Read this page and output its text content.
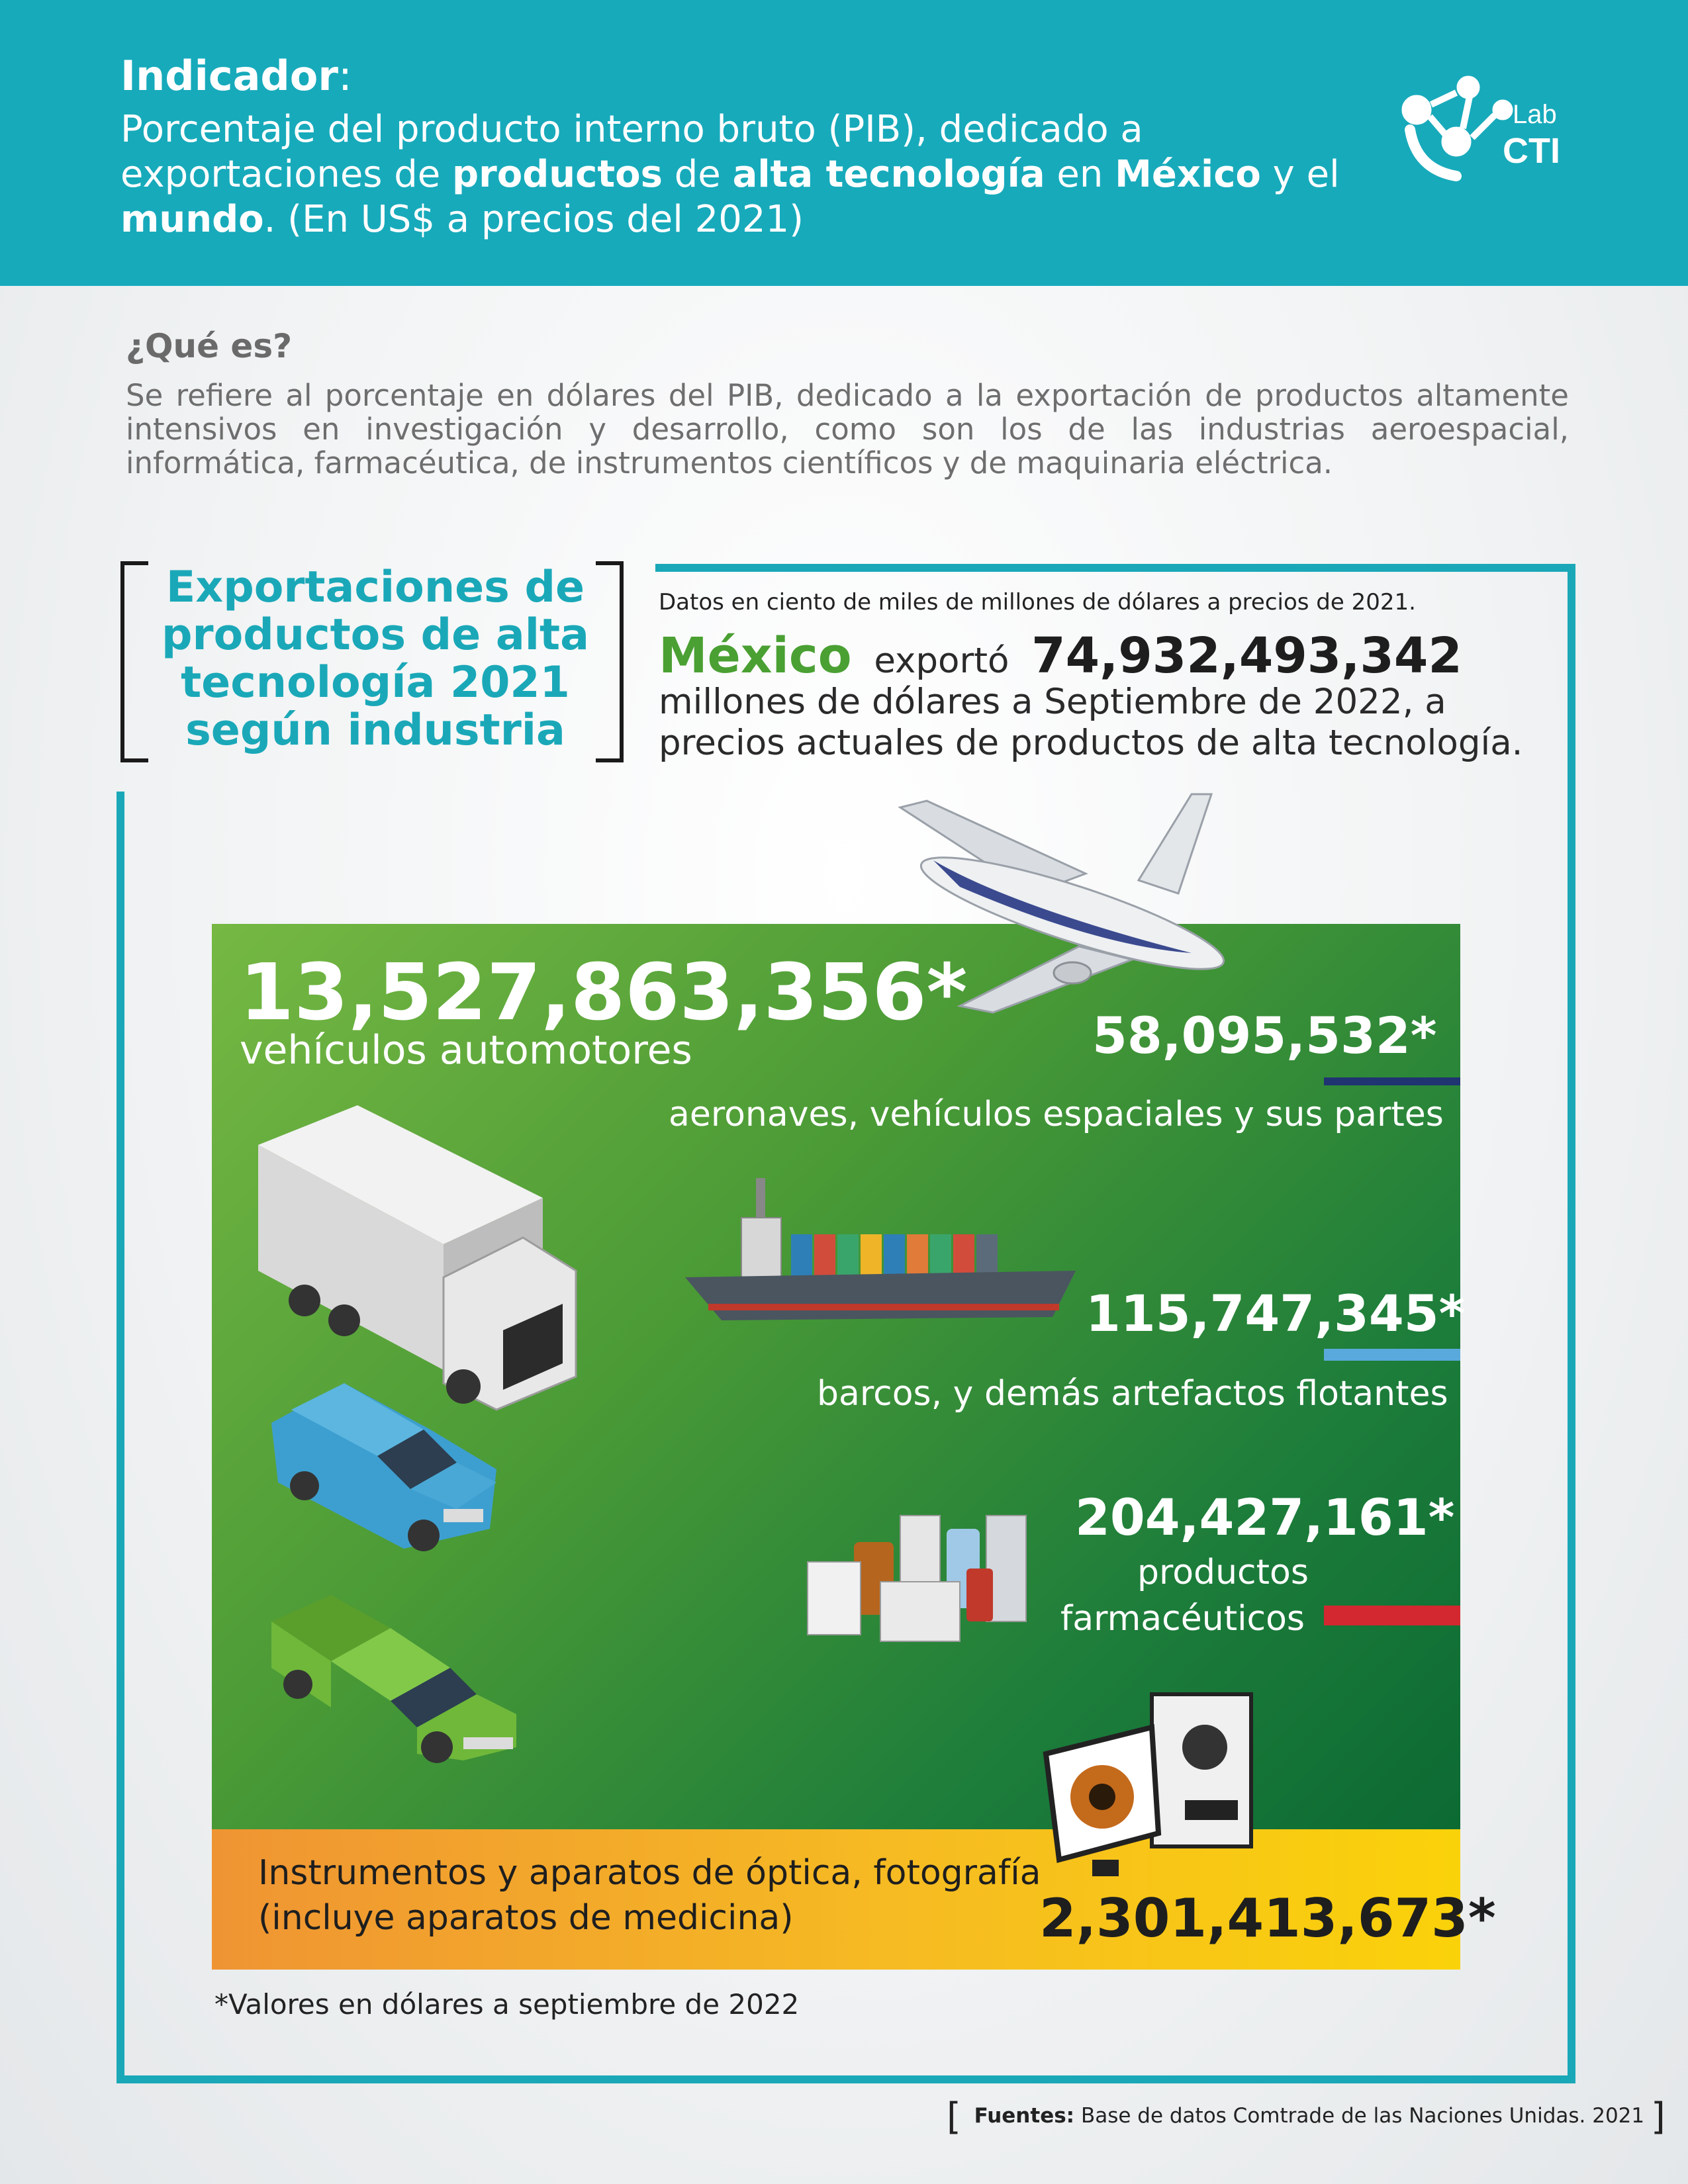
Indicador:
Porcentaje del producto interno bruto (PIB), dedicado a exportaciones de productos de alta tecnología en México y el mundo. (En US$ a precios del 2021)
Lab
CTI
¿Qué es?
Se refiere al porcentaje en dólares del PIB, dedicado a la exportación de productos altamente intensivos en investigación y desarrollo, como son los de las industrias aeroespacial, informática, farmacéutica, de instrumentos científicos y de maquinaria eléctrica.
Exportaciones de productos de alta tecnología 2021 según industria
Datos en ciento de miles de millones de dólares a precios de 2021.
México exportó 74,932,493,342  millones de dólares a Septiembre de 2022, a precios actuales de productos de alta tecnología.
13,527,863,356*
vehículos automotores	58,095,532*
aeronaves, vehículos espaciales y sus partes
115,747,345*
barcos, y demás artefactos flotantes
204,427,161*
productos
farmacéuticos
Instrumentos y aparatos de óptica, fotografía
(incluye aparatos de medicina)	2,301,413,673*
*Valores en dólares a septiembre de 2022
[ Fuentes: Base de datos Comtrade de las Naciones Unidas. 2021 ]
